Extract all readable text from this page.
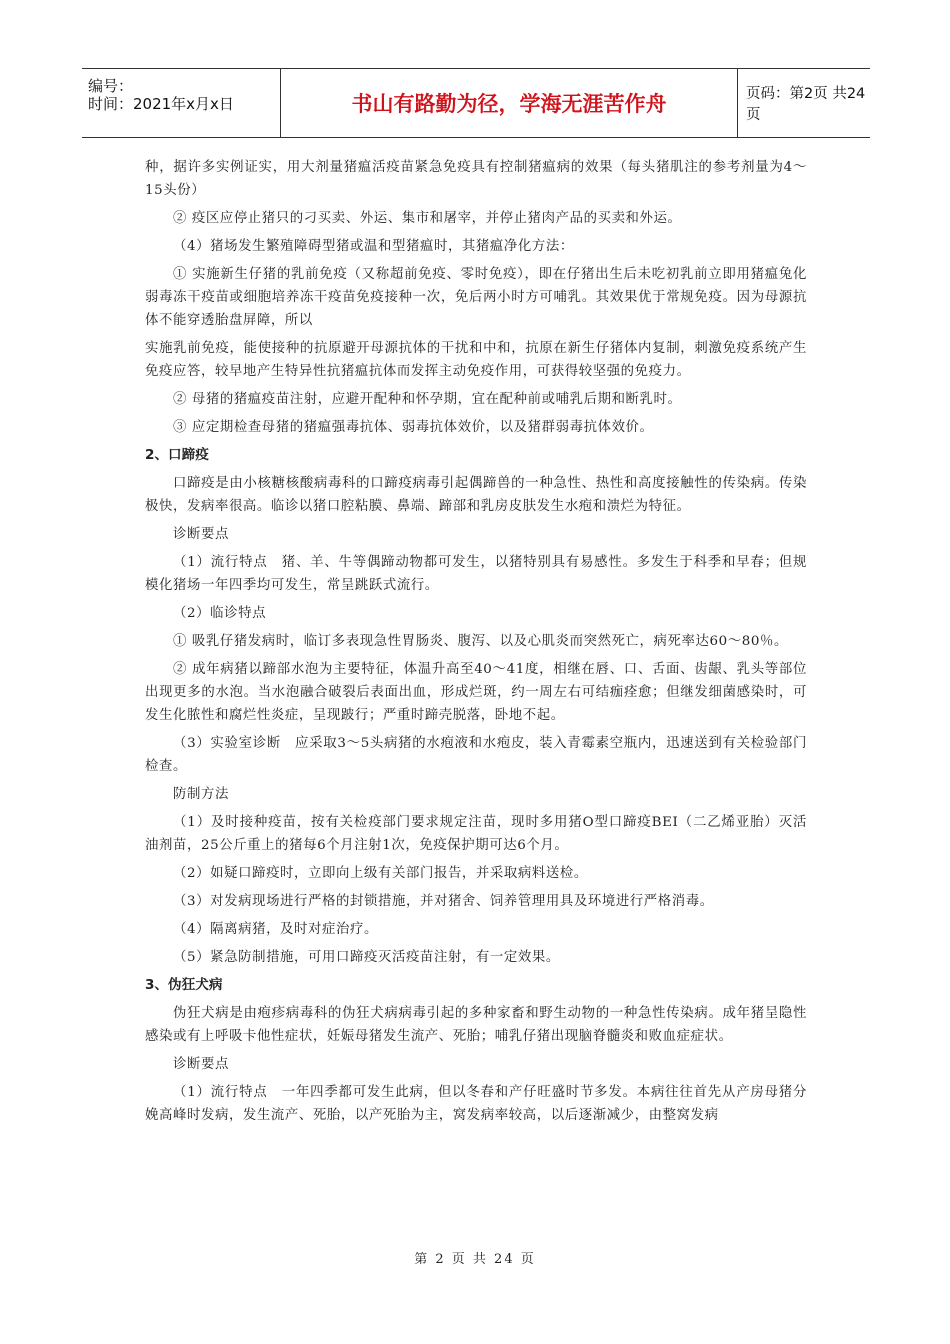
编号：
时间：2021年x月x日	书山有路勤为径，学海无涯苦作舟	页码：第2页 共24页
种，据许多实例证实，用大剂量猪瘟活疫苗紧急免疫具有控制猪瘟病的效果（每头猪肌注的参考剂量为4～15头份）
② 疫区应停止猪只的刁买卖、外运、集市和屠宰，并停止猪肉产品的买卖和外运。
（4）猪场发生繁殖障碍型猪或温和型猪瘟时，其猪瘟净化方法：
① 实施新生仔猪的乳前免疫（又称超前免疫、零时免疫），即在仔猪出生后未吃初乳前立即用猪瘟兔化弱毒冻干疫苗或细胞培养冻干疫苗免疫接种一次，免后两小时方可哺乳。其效果优于常规免疫。因为母源抗体不能穿透胎盘屏障，所以
实施乳前免疫，能使接种的抗原避开母源抗体的干扰和中和，抗原在新生仔猪体内复制，刺激免疫系统产生免疫应答，较早地产生特异性抗猪瘟抗体而发挥主动免疫作用，可获得较坚强的免疫力。
② 母猪的猪瘟疫苗注射，应避开配种和怀孕期，宜在配种前或哺乳后期和断乳时。
③ 应定期检查母猪的猪瘟强毒抗体、弱毒抗体效价，以及猪群弱毒抗体效价。
2、口蹄疫
口蹄疫是由小核糖核酸病毒科的口蹄疫病毒引起偶蹄兽的一种急性、热性和高度接触性的传染病。传染极快，发病率很高。临诊以猪口腔粘膜、鼻端、蹄部和乳房皮肤发生水疱和溃烂为特征。
诊断要点
（1）流行特点　猪、羊、牛等偶蹄动物都可发生，以猪特别具有易感性。多发生于科季和早春；但规模化猪场一年四季均可发生，常呈跳跃式流行。
（2）临诊特点
① 吸乳仔猪发病时，临订多表现急性胃肠炎、腹泻、以及心肌炎而突然死亡，病死率达60～80％。
② 成年病猪以蹄部水泡为主要特征，体温升高至40～41度，相继在唇、口、舌面、齿龈、乳头等部位出现更多的水泡。当水泡融合破裂后表面出血，形成烂斑，约一周左右可结痂痊愈；但继发细菌感染时，可发生化脓性和腐烂性炎症，呈现跛行；严重时蹄壳脱落，卧地不起。
（3）实验室诊断　应采取3～5头病猪的水疱液和水疱皮，装入青霉素空瓶内，迅速送到有关检验部门检查。
防制方法
（1）及时接种疫苗，按有关检疫部门要求规定注苗，现时多用猪O型口蹄疫BEI（二乙烯亚胎）灭活油剂苗，25公斤重上的猪每6个月注射1次，免疫保护期可达6个月。
（2）如疑口蹄疫时，立即向上级有关部门报告，并采取病料送检。
（3）对发病现场进行严格的封锁措施，并对猪舍、饲养管理用具及环境进行严格消毒。
（4）隔离病猪，及时对症治疗。
（5）紧急防制措施，可用口蹄疫灭活疫苗注射，有一定效果。
3、伪狂犬病
伪狂犬病是由疱疹病毒科的伪狂犬病病毒引起的多种家畜和野生动物的一种急性传染病。成年猪呈隐性感染或有上呼吸卡他性症状，妊娠母猪发生流产、死胎；哺乳仔猪出现脑脊髓炎和败血症症状。
诊断要点
（1）流行特点　一年四季都可发生此病，但以冬春和产仔旺盛时节多发。本病往往首先从产房母猪分娩高峰时发病，发生流产、死胎，以产死胎为主，窝发病率较高，以后逐渐减少，由整窝发病
第 2 页 共 24 页
